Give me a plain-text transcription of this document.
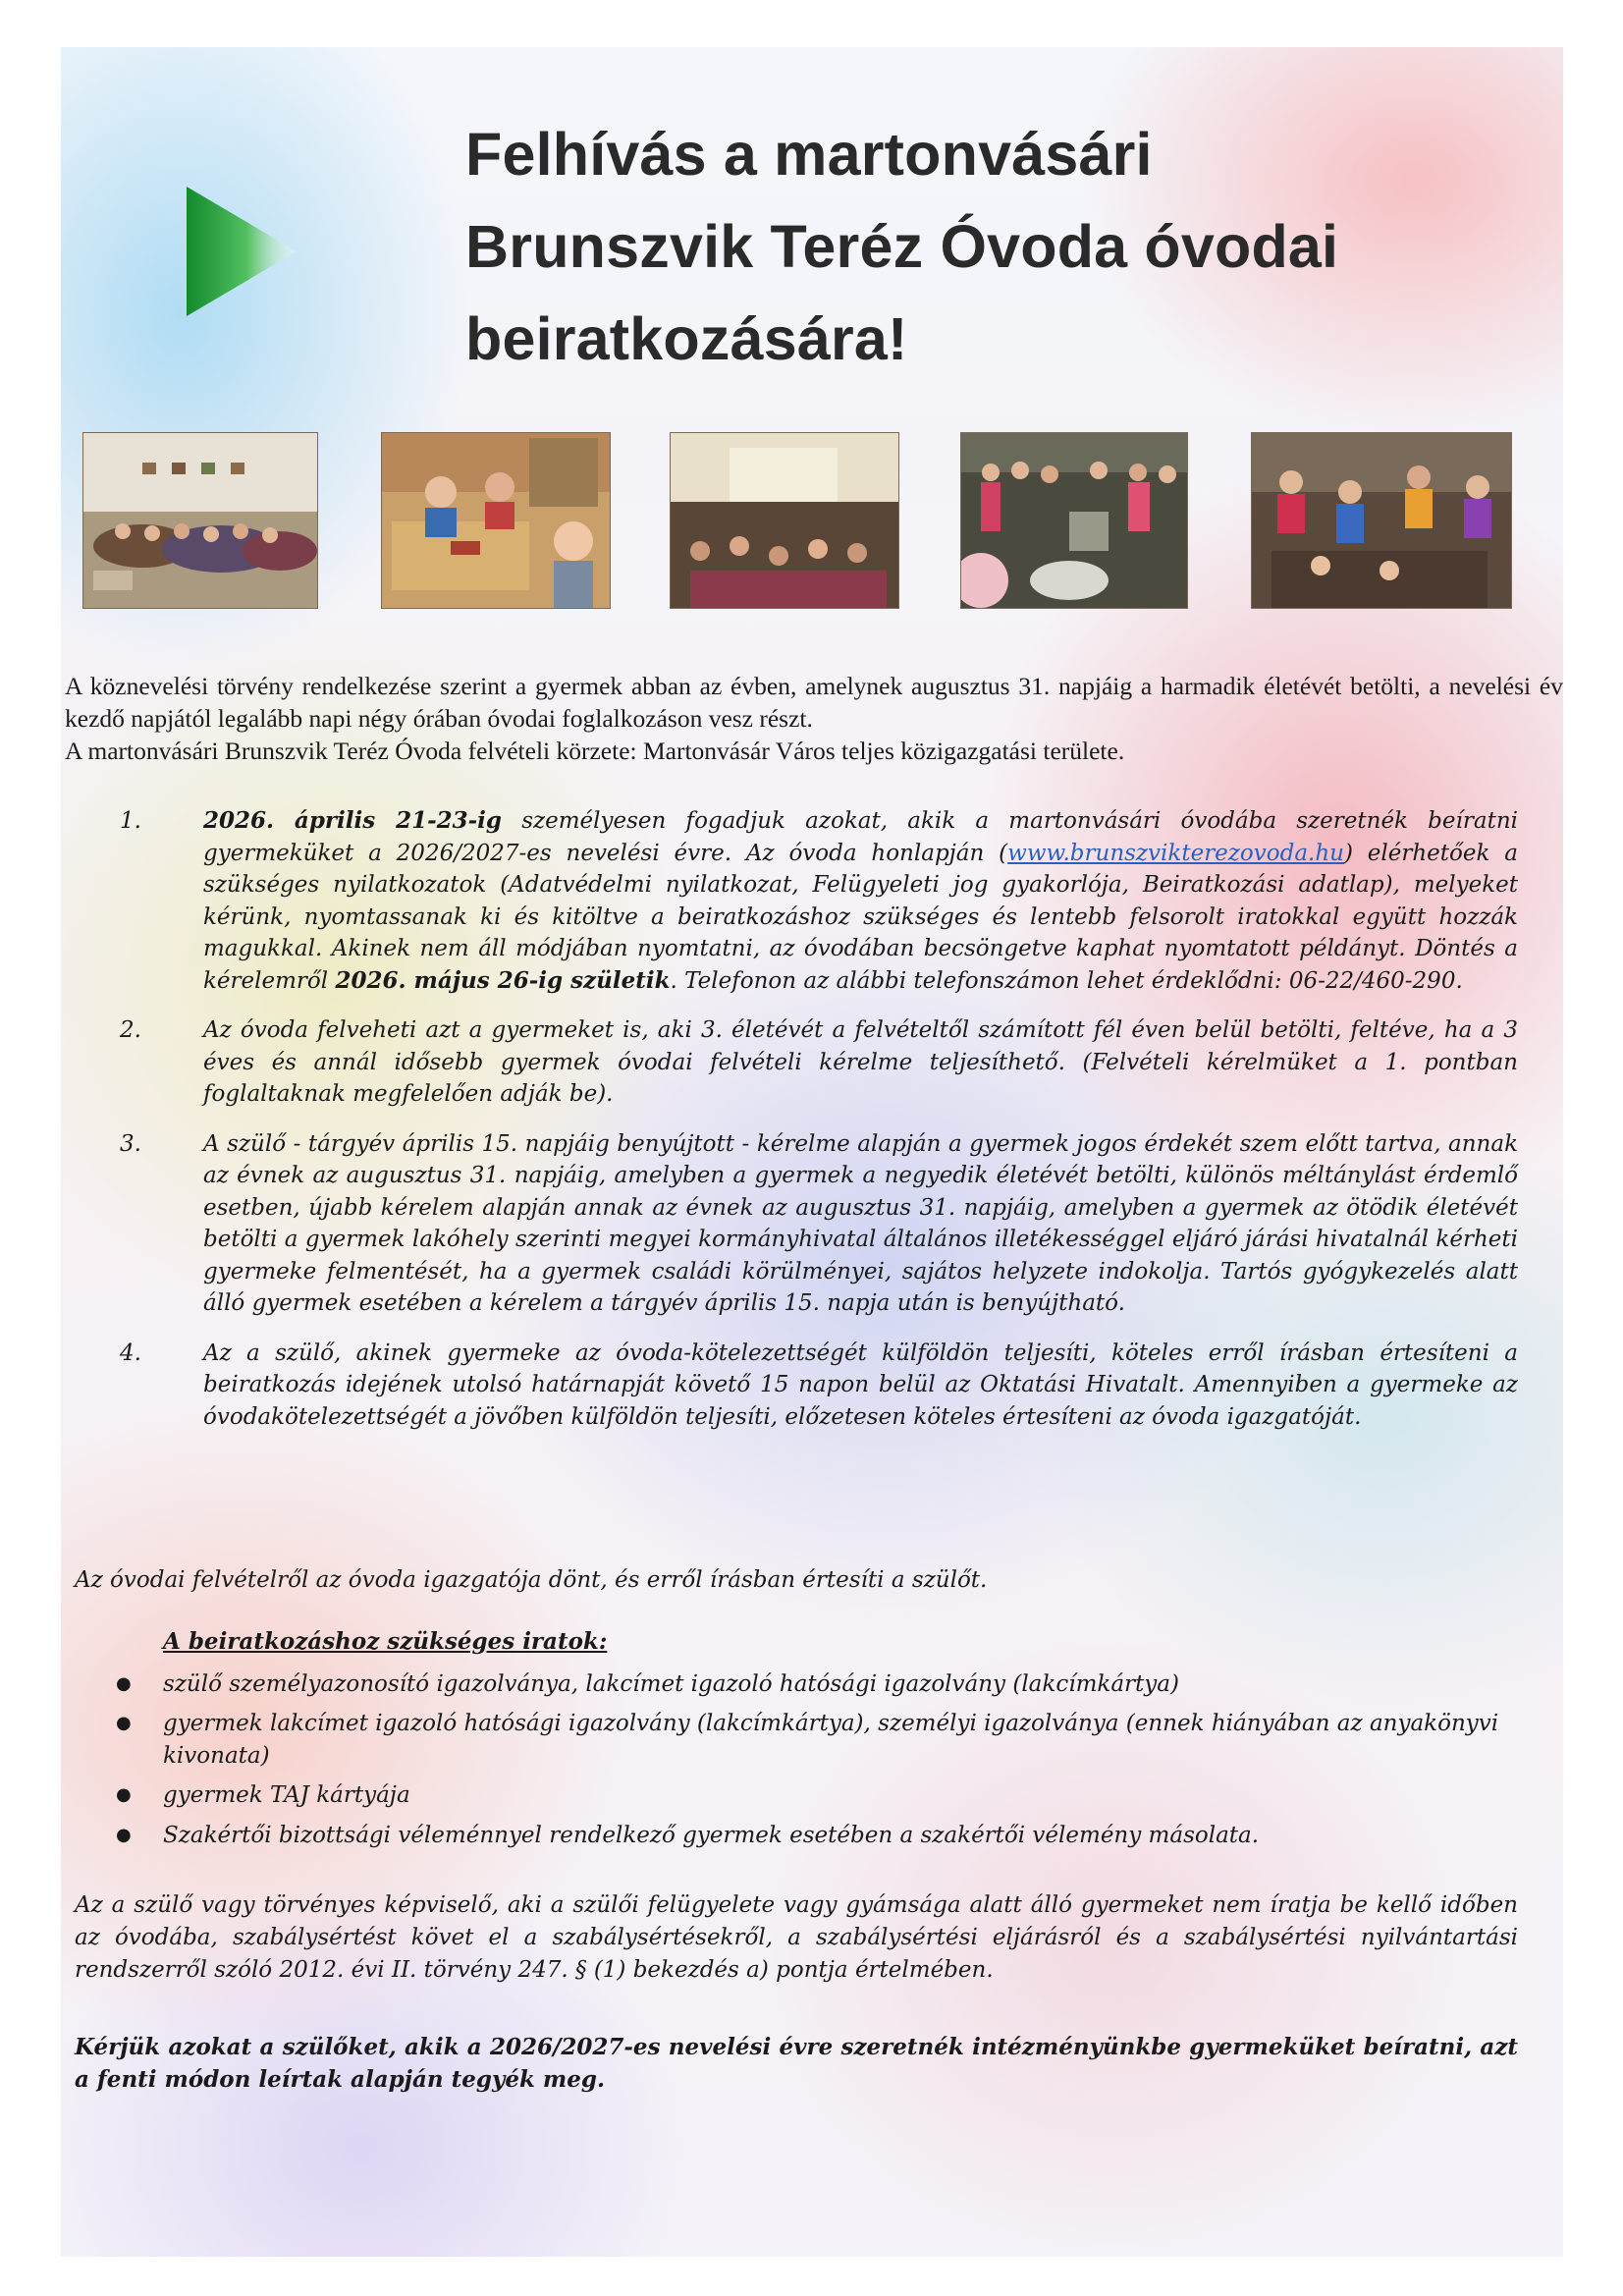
Felhívás a martonvásári
Brunszvik Teréz Óvoda óvodai
beiratkozására!

A köznevelési törvény rendelkezése szerint a gyermek abban az évben, amelynek augusztus 31. napjáig a harmadik életévét betölti, a nevelési év kezdő napjától legalább napi négy órában óvodai foglalkozáson vesz részt.

A martonvásári Brunszvik Teréz Óvoda felvételi körzete: Martonvásár Város teljes közigazgatási területe.

1.	2026. április 21-23-ig személyesen fogadjuk azokat, akik a martonvásári óvodába szeretnék beíratni gyermeküket a 2026/2027-es nevelési évre. Az óvoda honlapján (www.brunszvikterezovoda.hu) elérhetőek a szükséges nyilatkozatok (Adatvédelmi nyilatkozat, Felügyeleti jog gyakorlója, Beiratkozási adatlap), melyeket kérünk, nyomtassanak ki és kitöltve a beiratkozáshoz szükséges és lentebb felsorolt iratokkal együtt hozzák magukkal. Akinek nem áll módjában nyomtatni, az óvodában becsöngetve kaphat nyomtatott példányt. Döntés a kérelemről 2026. május 26-ig születik. Telefonon az alábbi telefonszámon lehet érdeklődni: 06-22/460-290.
2.	Az óvoda felveheti azt a gyermeket is, aki 3. életévét a felvételtől számított fél éven belül betölti, feltéve, ha a 3 éves és annál idősebb gyermek óvodai felvételi kérelme teljesíthető. (Felvételi kérelmüket a 1. pontban foglaltaknak megfelelően adják be).
3.	A szülő - tárgyév április 15. napjáig benyújtott - kérelme alapján a gyermek jogos érdekét szem előtt tartva, annak az évnek az augusztus 31. napjáig, amelyben a gyermek a negyedik életévét betölti, különös méltánylást érdemlő esetben, újabb kérelem alapján annak az évnek az augusztus 31. napjáig, amelyben a gyermek az ötödik életévét betölti a gyermek lakóhely szerinti megyei kormányhivatal általános illetékességgel eljáró járási hivatalnál kérheti gyermeke felmentését, ha a gyermek családi körülményei, sajátos helyzete indokolja. Tartós gyógykezelés alatt álló gyermek esetében a kérelem a tárgyév április 15. napja után is benyújtható.
4.	Az a szülő, akinek gyermeke az óvoda-kötelezettségét külföldön teljesíti, köteles erről írásban értesíteni a beiratkozás idejének utolsó határnapját követő 15 napon belül az Oktatási Hivatalt. Amennyiben a gyermeke az óvodakötelezettségét a jövőben külföldön teljesíti, előzetesen köteles értesíteni az óvoda igazgatóját.

Az óvodai felvételről az óvoda igazgatója dönt, és erről írásban értesíti a szülőt.

A beiratkozáshoz szükséges iratok:

● szülő személyazonosító igazolványa, lakcímet igazoló hatósági igazolvány (lakcímkártya)
● gyermek lakcímet igazoló hatósági igazolvány (lakcímkártya), személyi igazolványa (ennek hiányában az anyakönyvi kivonata)
● gyermek TAJ kártyája
● Szakértői bizottsági véleménnyel rendelkező gyermek esetében a szakértői vélemény másolata.

Az a szülő vagy törvényes képviselő, aki a szülői felügyelete vagy gyámsága alatt álló gyermeket nem íratja be kellő időben az óvodába, szabálysértést követ el a szabálysértésekről, a szabálysértési eljárásról és a szabálysértési nyilvántartási rendszerről szóló 2012. évi II. törvény 247. § (1) bekezdés a) pontja értelmében.

Kérjük azokat a szülőket, akik a 2026/2027-es nevelési évre szeretnék intézményünkbe gyermeküket beíratni, azt a fenti módon leírtak alapján tegyék meg.
